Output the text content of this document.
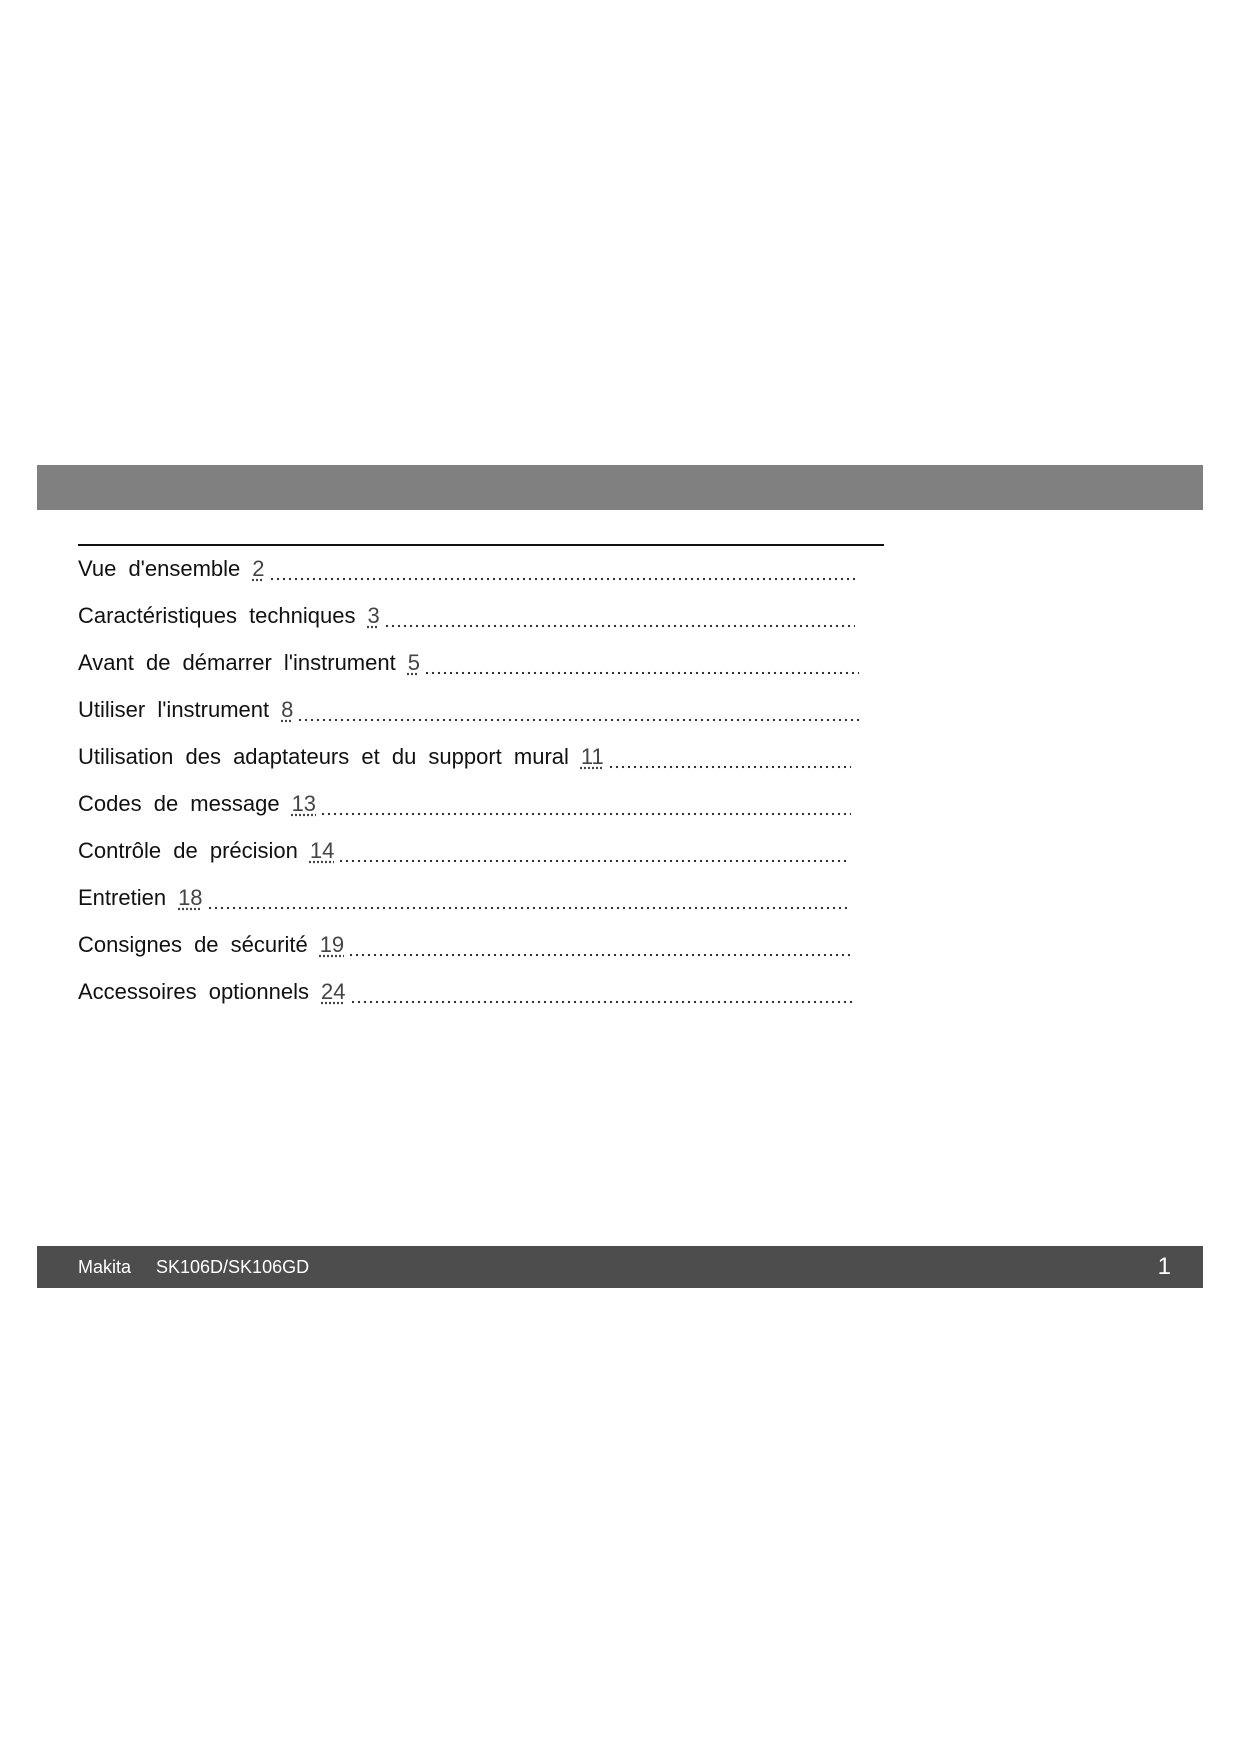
Vue d'ensemble 2
Caractéristiques techniques 3
Avant de démarrer l'instrument 5
Utiliser l'instrument 8
Utilisation des adaptateurs et du support mural 11
Codes de message 13
Contrôle de précision 14
Entretien 18
Consignes de sécurité 19
Accessoires optionnels 24
Makita SK106D/SK106GD	1
